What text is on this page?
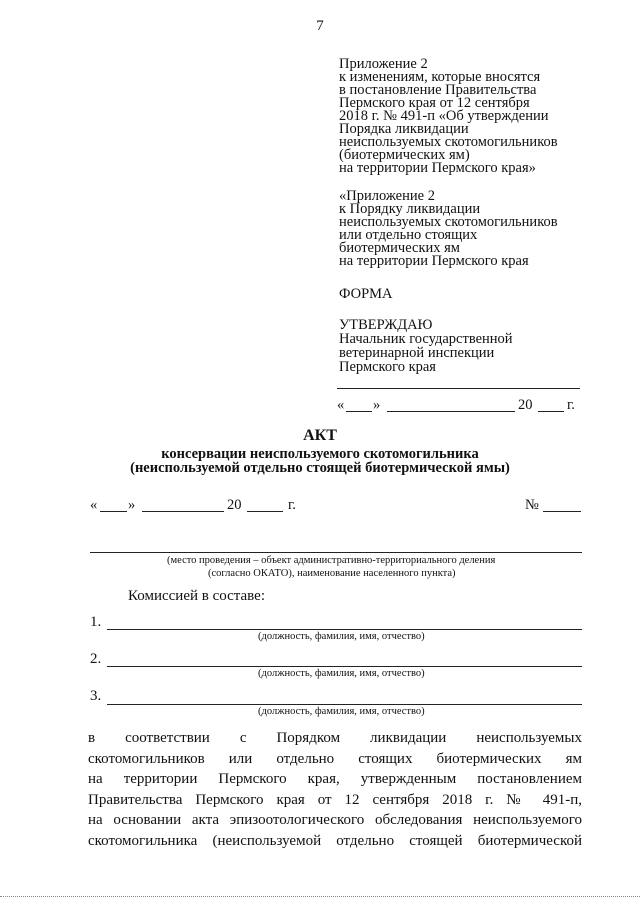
7
Приложение 2
к изменениям, которые вносятся
в постановление Правительства
Пермского края от 12 сентября
2018 г. № 491-п «Об утверждении
Порядка ликвидации
неиспользуемых скотомогильников
(биотермических ям)
на территории Пермского края»
«Приложение 2
к Порядку ликвидации
неиспользуемых скотомогильников
или отдельно стоящих
биотермических ям
на территории Пермского края
ФОРМА
УТВЕРЖДАЮ
Начальник государственной
ветеринарной инспекции
Пермского края
« »	20 г.
АКТ
консервации неиспользуемого скотомогильника
(неиспользуемой отдельно стоящей биотермической ямы)
« »	20	г.	№
(место проведения – объект административно-территориального деления
(согласно ОКАТО), наименование населенного пункта)
Комиссией в составе:
1.
(должность, фамилия, имя, отчество)
2.
(должность, фамилия, имя, отчество)
3.
(должность, фамилия, имя, отчество)
в соответствии с Порядком ликвидации неиспользуемых
скотомогильников или отдельно стоящих биотермических ям
на территории Пермского края, утвержденным постановлением
Правительства Пермского края от 12 сентября 2018 г. № 491-п,
на основании акта эпизоотологического обследования неиспользуемого
скотомогильника (неиспользуемой отдельно стоящей биотермической
